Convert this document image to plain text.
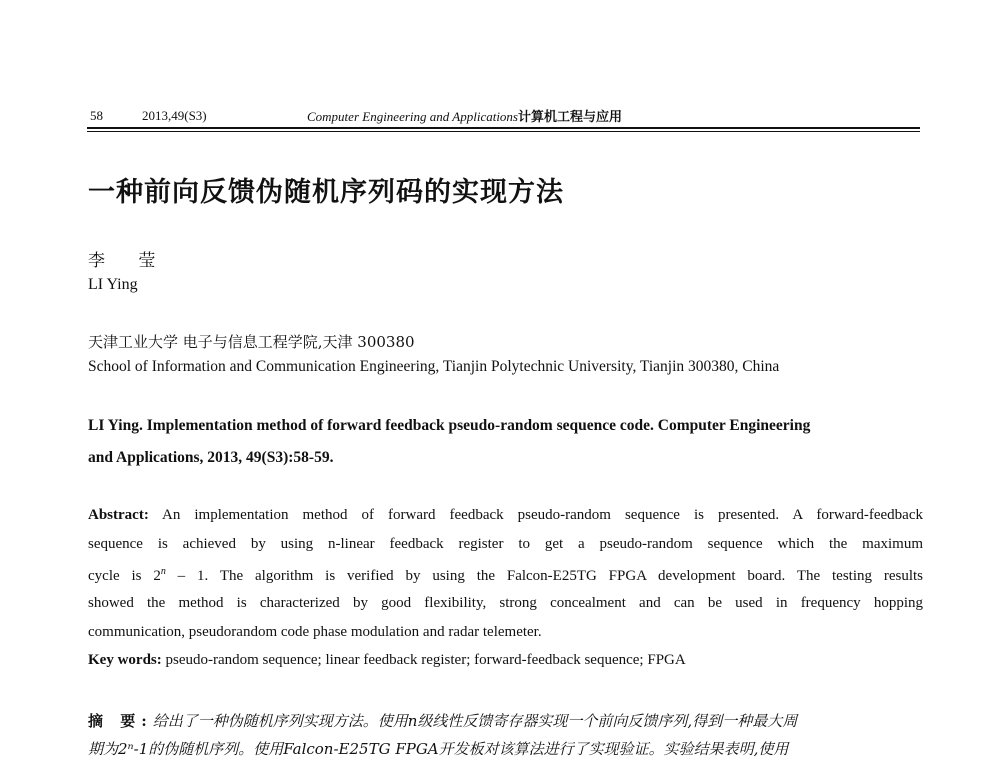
58	2013,49(S3)	Computer Engineering and Applications计算机工程与应用
一种前向反馈伪随机序列码的实现方法
李 莹
LI Ying
天津工业大学 电子与信息工程学院,天津 300380
School of Information and Communication Engineering, Tianjin Polytechnic University, Tianjin 300380, China
LI Ying. Implementation method of forward feedback pseudo-random sequence code. Computer Engineering
and Applications, 2013, 49(S3):58-59.
Abstract: An implementation method of forward feedback pseudo-random sequence is presented. A forward-feedback
sequence is achieved by using n-linear feedback register to get a pseudo-random sequence which the maximum
cycle is 2$^n$ – 1. The algorithm is verified by using the Falcon-E25TG FPGA development board. The testing results
showed the method is characterized by good flexibility, strong concealment and can be used in frequency hopping
communication, pseudorandom code phase modulation and radar telemeter.
Key words: pseudo-random sequence; linear feedback register; forward-feedback sequence; FPGA
摘 要:给出了一种伪随机序列实现方法。使用n级线性反馈寄存器实现一个前向反馈序列,得到一种最大周
期为2ⁿ-1的伪随机序列。使用Falcon-E25TG FPGA开发板对该算法进行了实现验证。实验结果表明,使用
